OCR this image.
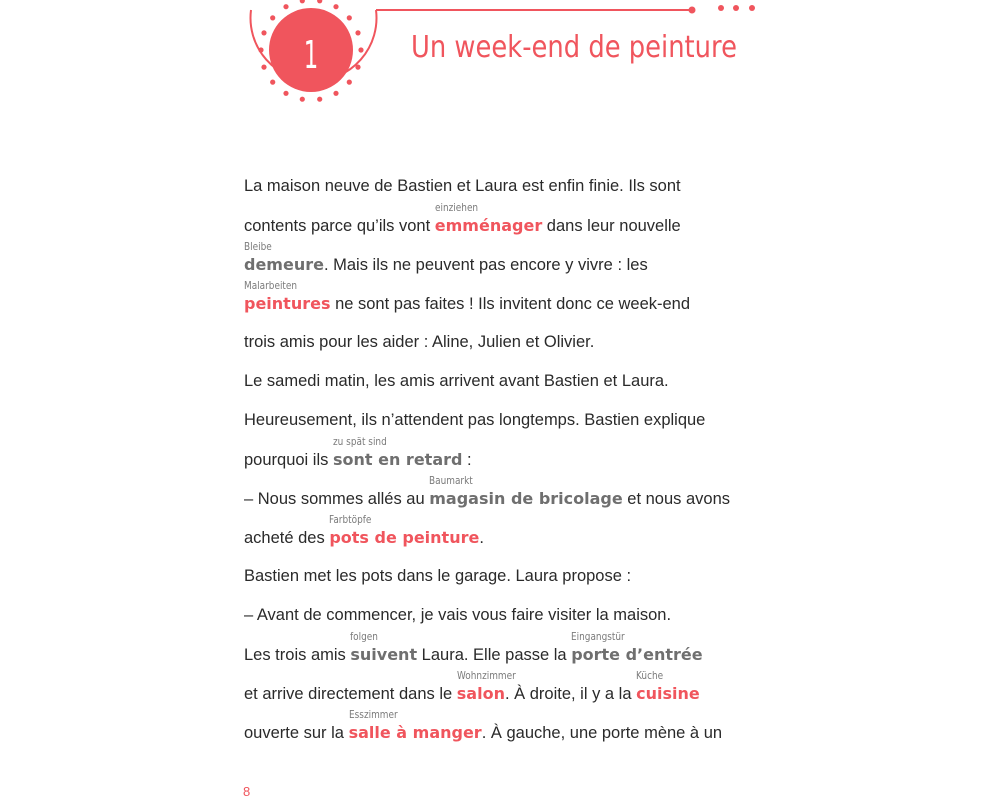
1	Un week-end de peinture
La maison neuve de Bastien et Laura est enfin finie. Ils sont
contents parce qu’ils vont
einziehen
emménager dans leur nouvelle
Bleibe
demeure. Mais ils ne peuvent pas encore y vivre : les
Malarbeiten
peintures ne sont pas faites ! Ils invitent donc ce week-end
trois amis pour les aider : Aline, Julien et Olivier.
Le samedi matin, les amis arrivent avant Bastien et Laura.
Heureusement, ils n’attendent pas longtemps. Bastien explique
pourquoi ils
zu spät sind
sont en retard :
– Nous sommes allés au
Baumarkt
magasin de bricolage et nous avons
acheté des
Farbtöpfe
pots de peinture.
Bastien met les pots dans le garage. Laura propose :
– Avant de commencer, je vais vous faire visiter la maison.
Les trois amis
folgen
suivent Laura. Elle passe la
Eingangstür
porte d’entrée
et arrive directement dans le
Wohnzimmer
salon. À droite, il y a la
Küche
cuisine
ouverte sur la
Esszimmer
salle à manger. À gauche, une porte mène à un
8
